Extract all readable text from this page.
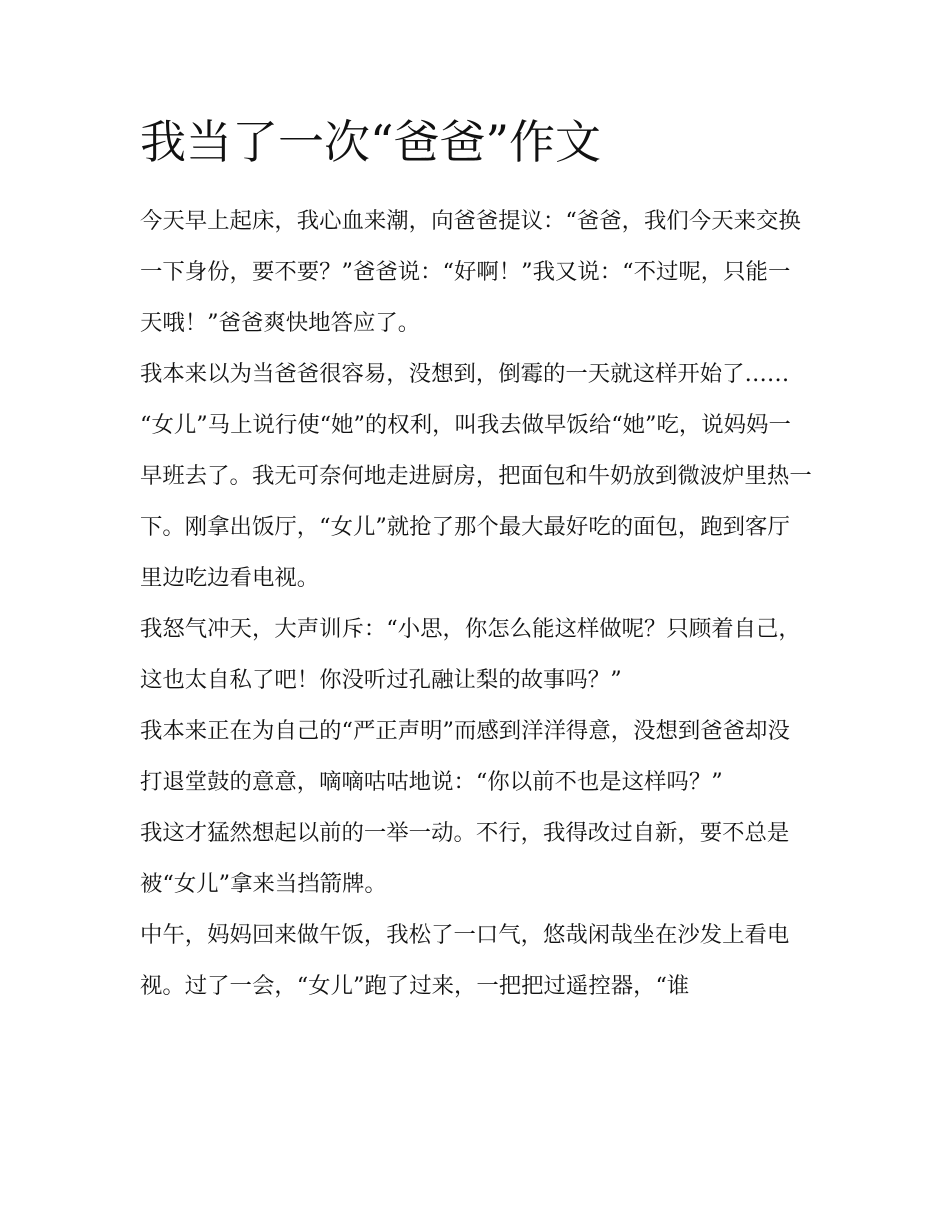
我当了一次“爸爸”作文

今天早上起床，我心血来潮，向爸爸提议：“爸爸，我们今天来交换一下身份，要不要？”爸爸说：“好啊！”我又说：“不过呢，只能一天哦！”爸爸爽快地答应了。

我本来以为当爸爸很容易，没想到，倒霉的一天就这样开始了……

“女儿”马上说行使“她”的权利，叫我去做早饭给“她”吃，说妈妈一早班去了。我无可奈何地走进厨房，把面包和牛奶放到微波炉里热一下。刚拿出饭厅，“女儿”就抢了那个最大最好吃的面包，跑到客厅里边吃边看电视。

我怒气冲天，大声训斥：“小思，你怎么能这样做呢？只顾着自己，这也太自私了吧！你没听过孔融让梨的故事吗？”

我本来正在为自己的“严正声明”而感到洋洋得意，没想到爸爸却没打退堂鼓的意意，嘀嘀咕咕地说：“你以前不也是这样吗？”

我这才猛然想起以前的一举一动。不行，我得改过自新，要不总是被“女儿”拿来当挡箭牌。

中午，妈妈回来做午饭，我松了一口气，悠哉闲哉坐在沙发上看电视。过了一会，“女儿”跑了过来，一把把过遥控器，“谁
